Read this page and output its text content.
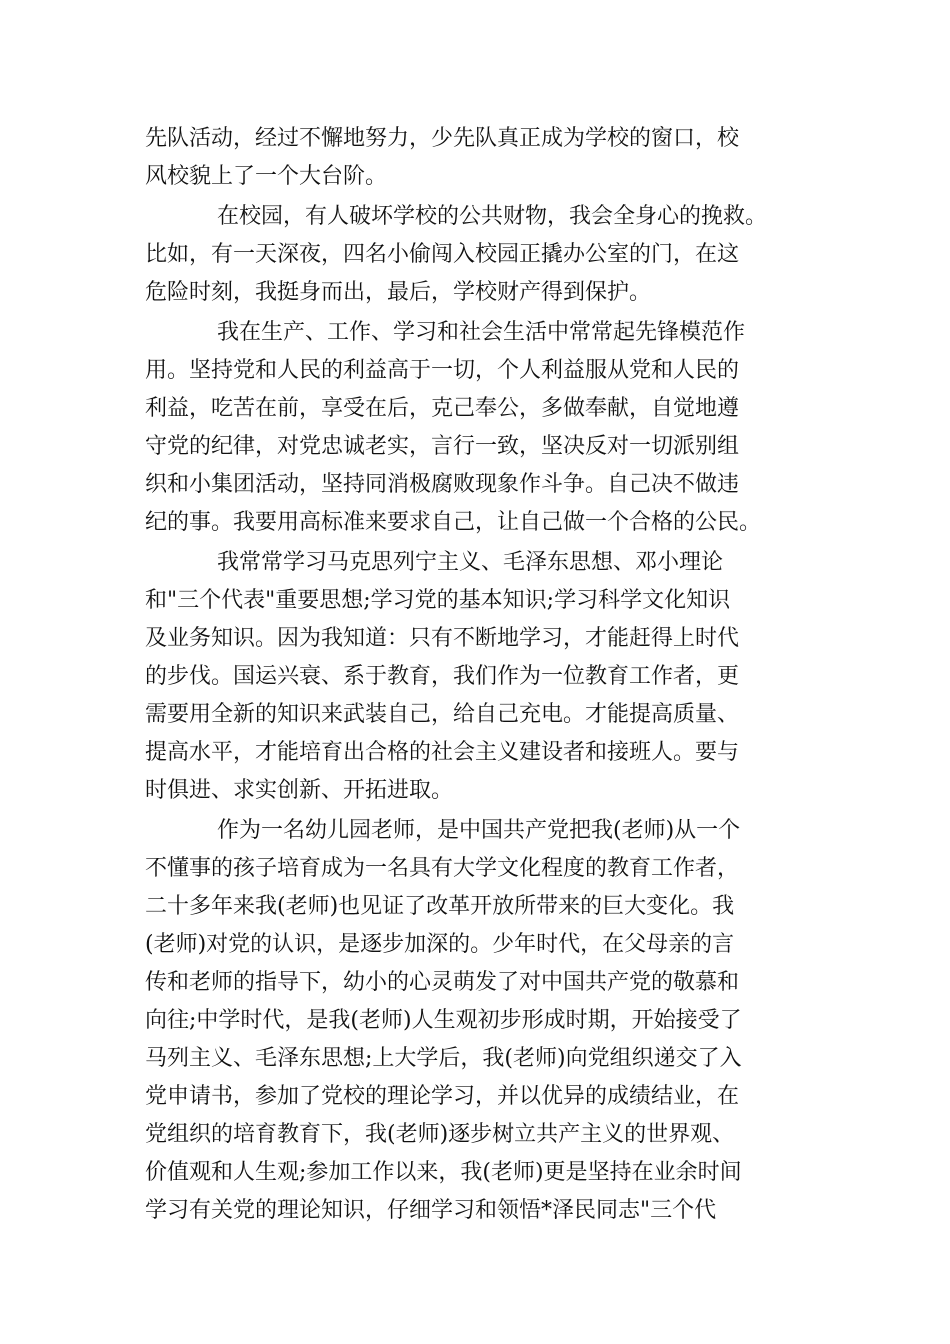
先队活动，经过不懈地努力，少先队真正成为学校的窗口，校
风校貌上了一个大台阶。
在校园，有人破坏学校的公共财物，我会全身心的挽救。
比如，有一天深夜，四名小偷闯入校园正撬办公室的门，在这
危险时刻，我挺身而出，最后，学校财产得到保护。
我在生产、工作、学习和社会生活中常常起先锋模范作
用。坚持党和人民的利益高于一切，个人利益服从党和人民的
利益，吃苦在前，享受在后，克己奉公，多做奉献，自觉地遵
守党的纪律，对党忠诚老实，言行一致，坚决反对一切派别组
织和小集团活动，坚持同消极腐败现象作斗争。自己决不做违
纪的事。我要用高标准来要求自己，让自己做一个合格的公民。
我常常学习马克思列宁主义、毛泽东思想、邓小理论
和"三个代表"重要思想;学习党的基本知识;学习科学文化知识
及业务知识。因为我知道：只有不断地学习，才能赶得上时代
的步伐。国运兴衰、系于教育，我们作为一位教育工作者，更
需要用全新的知识来武装自己，给自己充电。才能提高质量、
提高水平，才能培育出合格的社会主义建设者和接班人。要与
时俱进、求实创新、开拓进取。
作为一名幼儿园老师，是中国共产党把我(老师)从一个
不懂事的孩子培育成为一名具有大学文化程度的教育工作者，
二十多年来我(老师)也见证了改革开放所带来的巨大变化。我
(老师)对党的认识，是逐步加深的。少年时代，在父母亲的言
传和老师的指导下，幼小的心灵萌发了对中国共产党的敬慕和
向往;中学时代，是我(老师)人生观初步形成时期，开始接受了
马列主义、毛泽东思想;上大学后，我(老师)向党组织递交了入
党申请书，参加了党校的理论学习，并以优异的成绩结业，在
党组织的培育教育下，我(老师)逐步树立共产主义的世界观、
价值观和人生观;参加工作以来，我(老师)更是坚持在业余时间
学习有关党的理论知识，仔细学习和领悟*泽民同志"三个代
